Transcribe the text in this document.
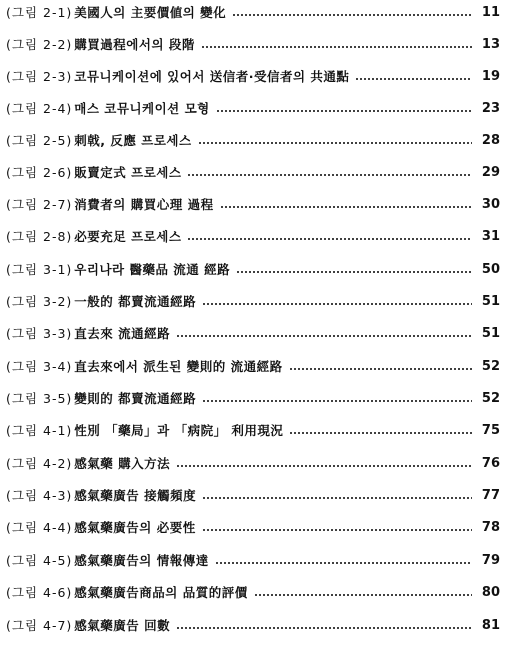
(그림 2-1) 美國人의 主要價値의 變化	11
(그림 2-2) 購買過程에서의 段階	13
(그림 2-3) 코뮤니케이션에 있어서 送信者·受信者의 共通點	19
(그림 2-4) 매스 코뮤니케이션 모형	23
(그림 2-5) 刺戟, 反應 프로세스	28
(그림 2-6) 販賣定式 프로세스	29
(그림 2-7) 消費者의 購買心理 過程	30
(그림 2-8) 必要充足 프로세스	31
(그림 3-1) 우리나라 醫藥品 流通 經路	50
(그림 3-2) 一般的 都賣流通經路	51
(그림 3-3) 直去來 流通經路	51
(그림 3-4) 直去來에서 派生된 變則的 流通經路	52
(그림 3-5) 變則的 都賣流通經路	52
(그림 4-1) 性別 「藥局」과 「病院」 利用現況	75
(그림 4-2) 感氣藥 購入方法	76
(그림 4-3) 感氣藥廣告 接觸頻度	77
(그림 4-4) 感氣藥廣告의 必要性	78
(그림 4-5) 感氣藥廣告의 情報傳達	79
(그림 4-6) 感氣藥廣告商品의 品質的評價	80
(그림 4-7) 感氣藥廣告 回數	81
